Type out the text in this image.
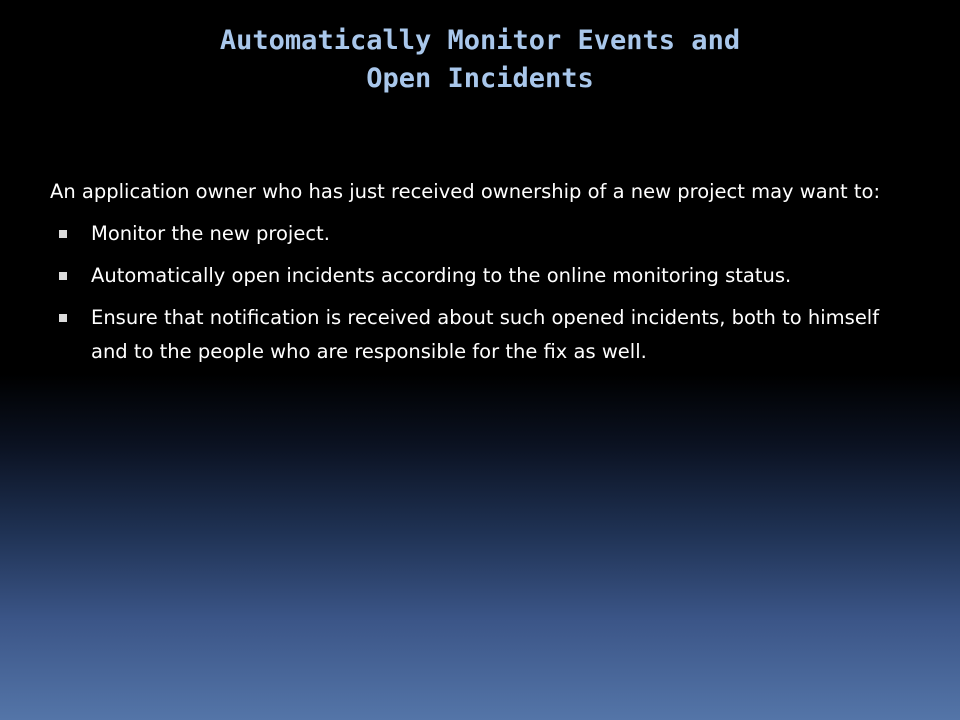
Automatically Monitor Events and
Open Incidents

An application owner who has just received ownership of a new project may want to:

Monitor the new project.
Automatically open incidents according to the online monitoring status.
Ensure that notification is received about such opened incidents, both to himself and to the people who are responsible for the fix as well.
